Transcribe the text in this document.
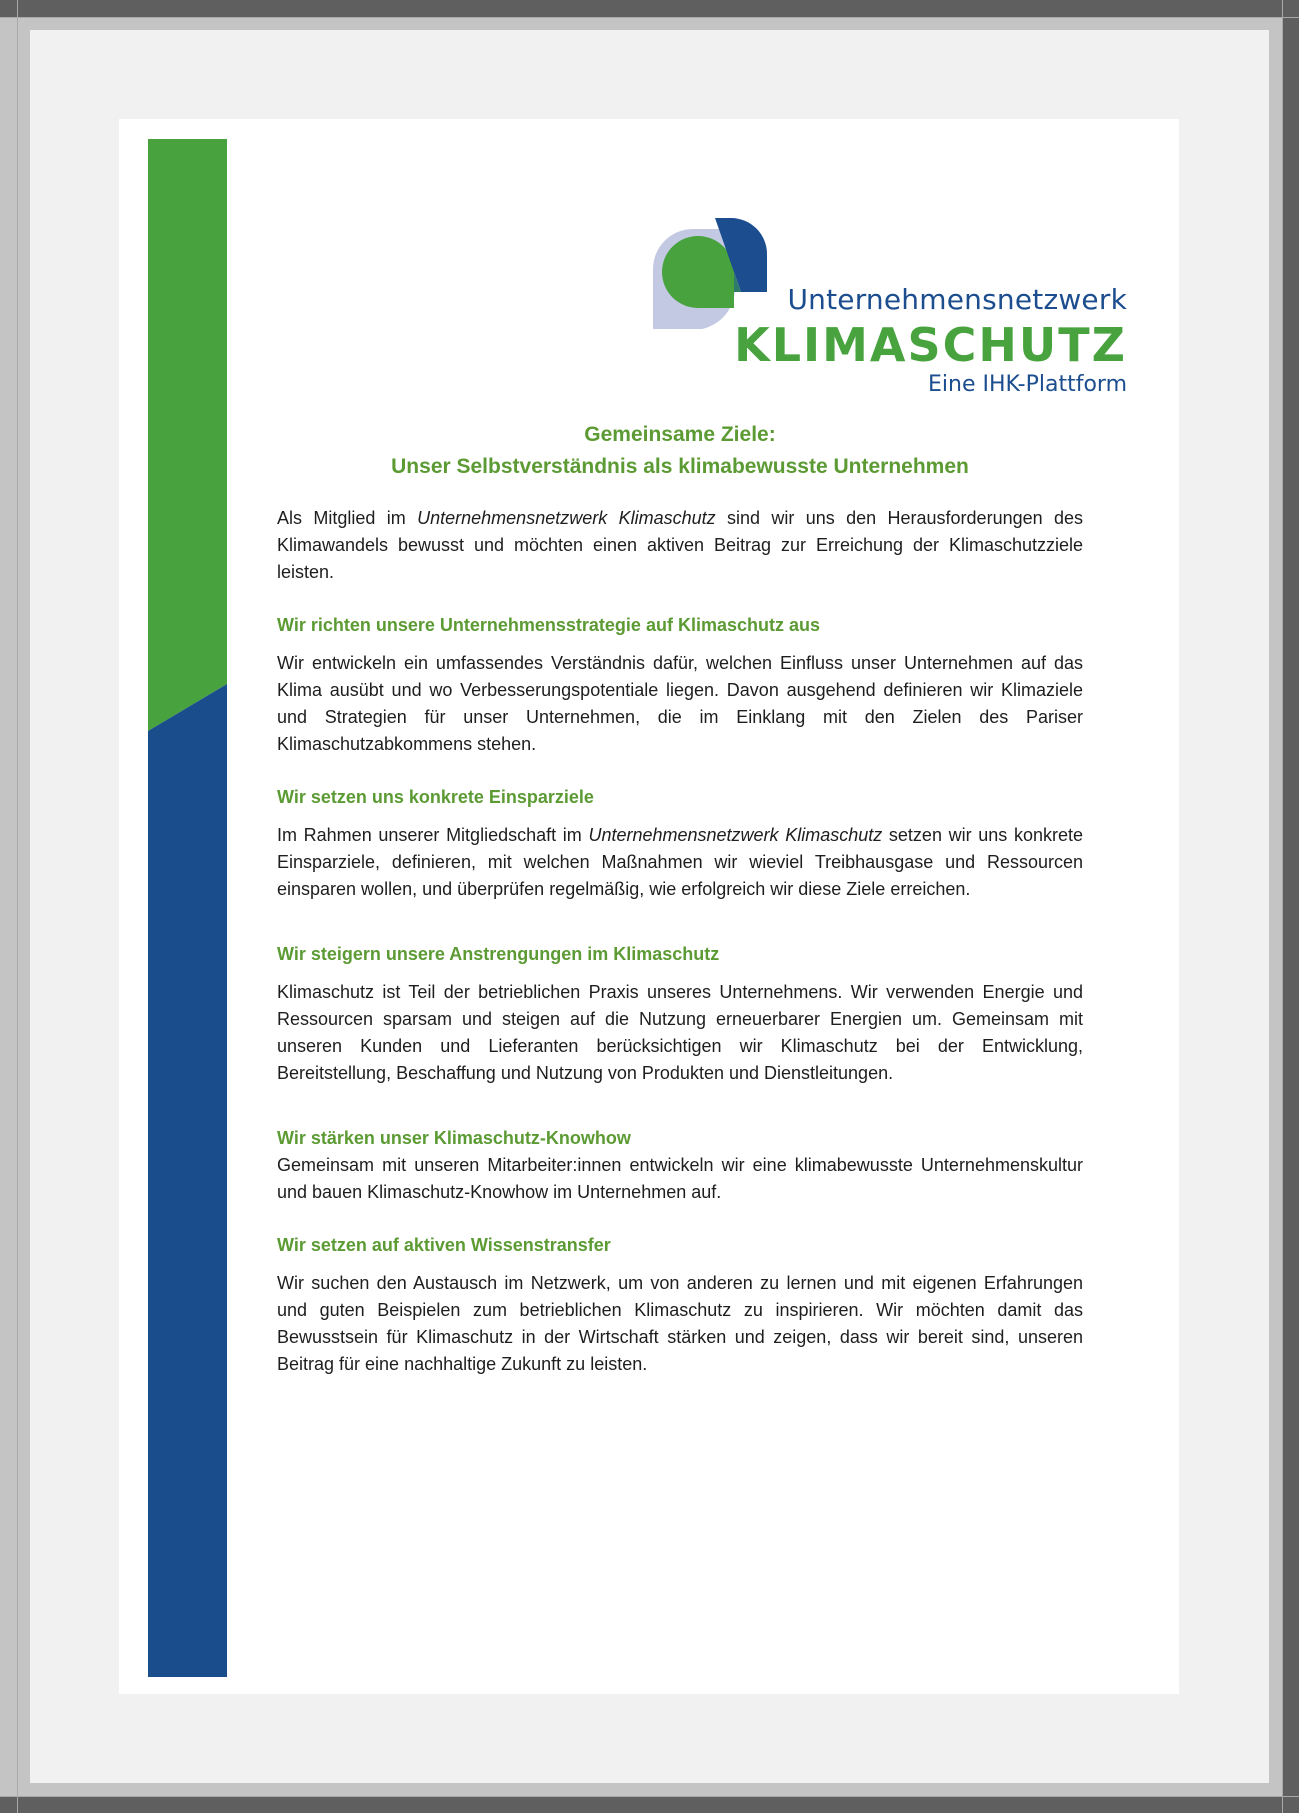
Unternehmensnetzwerk
KLIMASCHUTZ
Eine IHK-Plattform
Gemeinsame Ziele:
Unser Selbstverständnis als klimabewusste Unternehmen

Als Mitglied im Unternehmensnetzwerk Klimaschutz sind wir uns den Herausforderungen des Klimawandels bewusst und möchten einen aktiven Beitrag zur Erreichung der Klimaschutzziele leisten.

Wir richten unsere Unternehmensstrategie auf Klimaschutz aus

Wir entwickeln ein umfassendes Verständnis dafür, welchen Einfluss unser Unternehmen auf das Klima ausübt und wo Verbesserungspotentiale liegen. Davon ausgehend definieren wir Klimaziele und Strategien für unser Unternehmen, die im Einklang mit den Zielen des Pariser Klimaschutzabkommens stehen.

Wir setzen uns konkrete Einsparziele

Im Rahmen unserer Mitgliedschaft im Unternehmensnetzwerk Klimaschutz setzen wir uns konkrete Einsparziele, definieren, mit welchen Maßnahmen wir wieviel Treibhausgase und Ressourcen einsparen wollen, und überprüfen regelmäßig, wie erfolgreich wir diese Ziele erreichen.

Wir steigern unsere Anstrengungen im Klimaschutz

Klimaschutz ist Teil der betrieblichen Praxis unseres Unternehmens. Wir verwenden Energie und Ressourcen sparsam und steigen auf die Nutzung erneuerbarer Energien um. Gemeinsam mit unseren Kunden und Lieferanten berücksichtigen wir Klimaschutz bei der Entwicklung, Bereitstellung, Beschaffung und Nutzung von Produkten und Dienstleitungen.

Wir stärken unser Klimaschutz-Knowhow

Gemeinsam mit unseren Mitarbeiter:innen entwickeln wir eine klimabewusste Unternehmenskultur und bauen Klimaschutz-Knowhow im Unternehmen auf.

Wir setzen auf aktiven Wissenstransfer

Wir suchen den Austausch im Netzwerk, um von anderen zu lernen und mit eigenen Erfahrungen und guten Beispielen zum betrieblichen Klimaschutz zu inspirieren. Wir möchten damit das Bewusstsein für Klimaschutz in der Wirtschaft stärken und zeigen, dass wir bereit sind, unseren Beitrag für eine nachhaltige Zukunft zu leisten.
